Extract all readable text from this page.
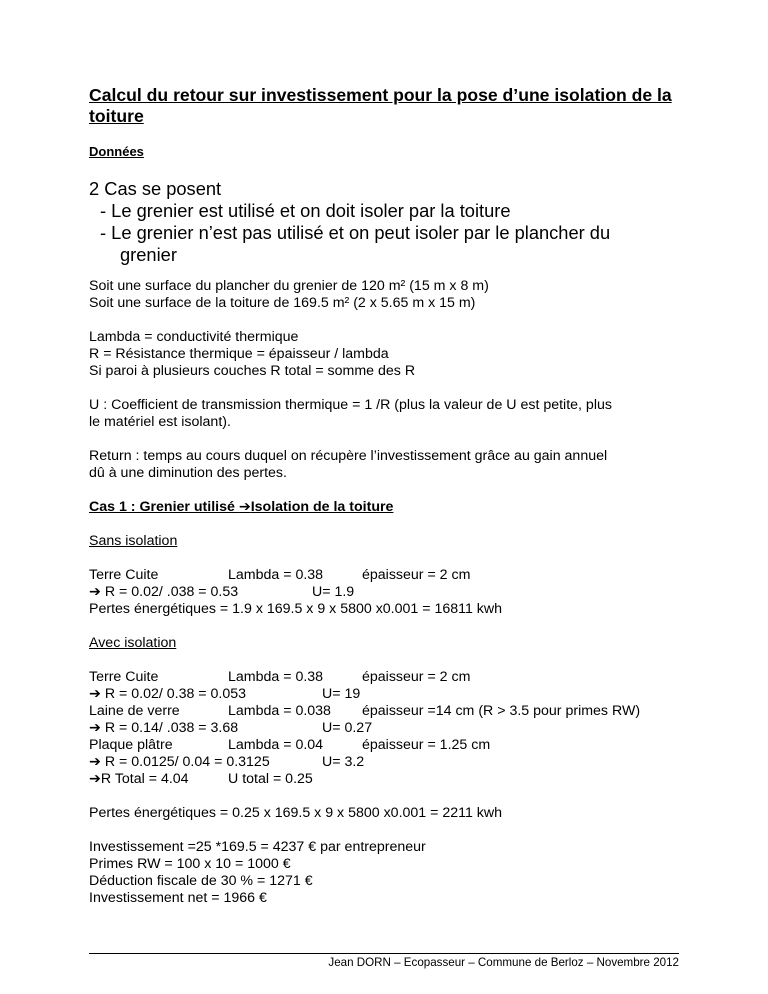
Calcul du retour sur investissement pour la pose d’une isolation de la toiture
Données
2 Cas se posent
- Le grenier est utilisé et on doit isoler par la toiture
- Le grenier n’est pas utilisé et on peut isoler par le plancher du
grenier
Soit une surface du plancher du grenier de 120 m² (15 m x 8 m)
Soit une surface de la toiture de 169.5 m² (2 x 5.65 m x 15 m)
Lambda = conductivité thermique
R = Résistance thermique = épaisseur / lambda
Si paroi à plusieurs couches R total = somme des R
U : Coefficient de transmission thermique = 1 /R (plus la valeur de U est petite, plus
le matériel est isolant).
Return : temps au cours duquel on récupère l’investissement grâce au gain annuel
dû à une diminution des pertes.
Cas 1 : Grenier utilisé ➔Isolation de la toiture
Sans isolation
Terre Cuite	Lambda = 0.38	épaisseur = 2 cm
➔ R = 0.02/ .038 = 0.53	U= 1.9
Pertes énergétiques = 1.9 x 169.5 x 9 x 5800 x0.001 = 16811 kwh
Avec isolation
Terre Cuite	Lambda = 0.38	épaisseur = 2 cm
➔ R = 0.02/ 0.38 = 0.053	U= 19
Laine de verre	Lambda = 0.038 épaisseur =14 cm (R > 3.5 pour primes RW)
➔ R = 0.14/ .038 = 3.68	U= 0.27
Plaque plâtre	Lambda = 0.04	épaisseur = 1.25 cm
➔ R = 0.0125/ 0.04 = 0.3125	U= 3.2
➔R Total = 4.04	U total = 0.25
Pertes énergétiques = 0.25 x 169.5 x 9 x 5800 x0.001 = 2211 kwh
Investissement =25 *169.5 = 4237 € par entrepreneur
Primes RW = 100 x 10 = 1000 €
Déduction fiscale de 30 % = 1271 €
Investissement net = 1966 €
Jean DORN – Ecopasseur – Commune de Berloz – Novembre 2012
